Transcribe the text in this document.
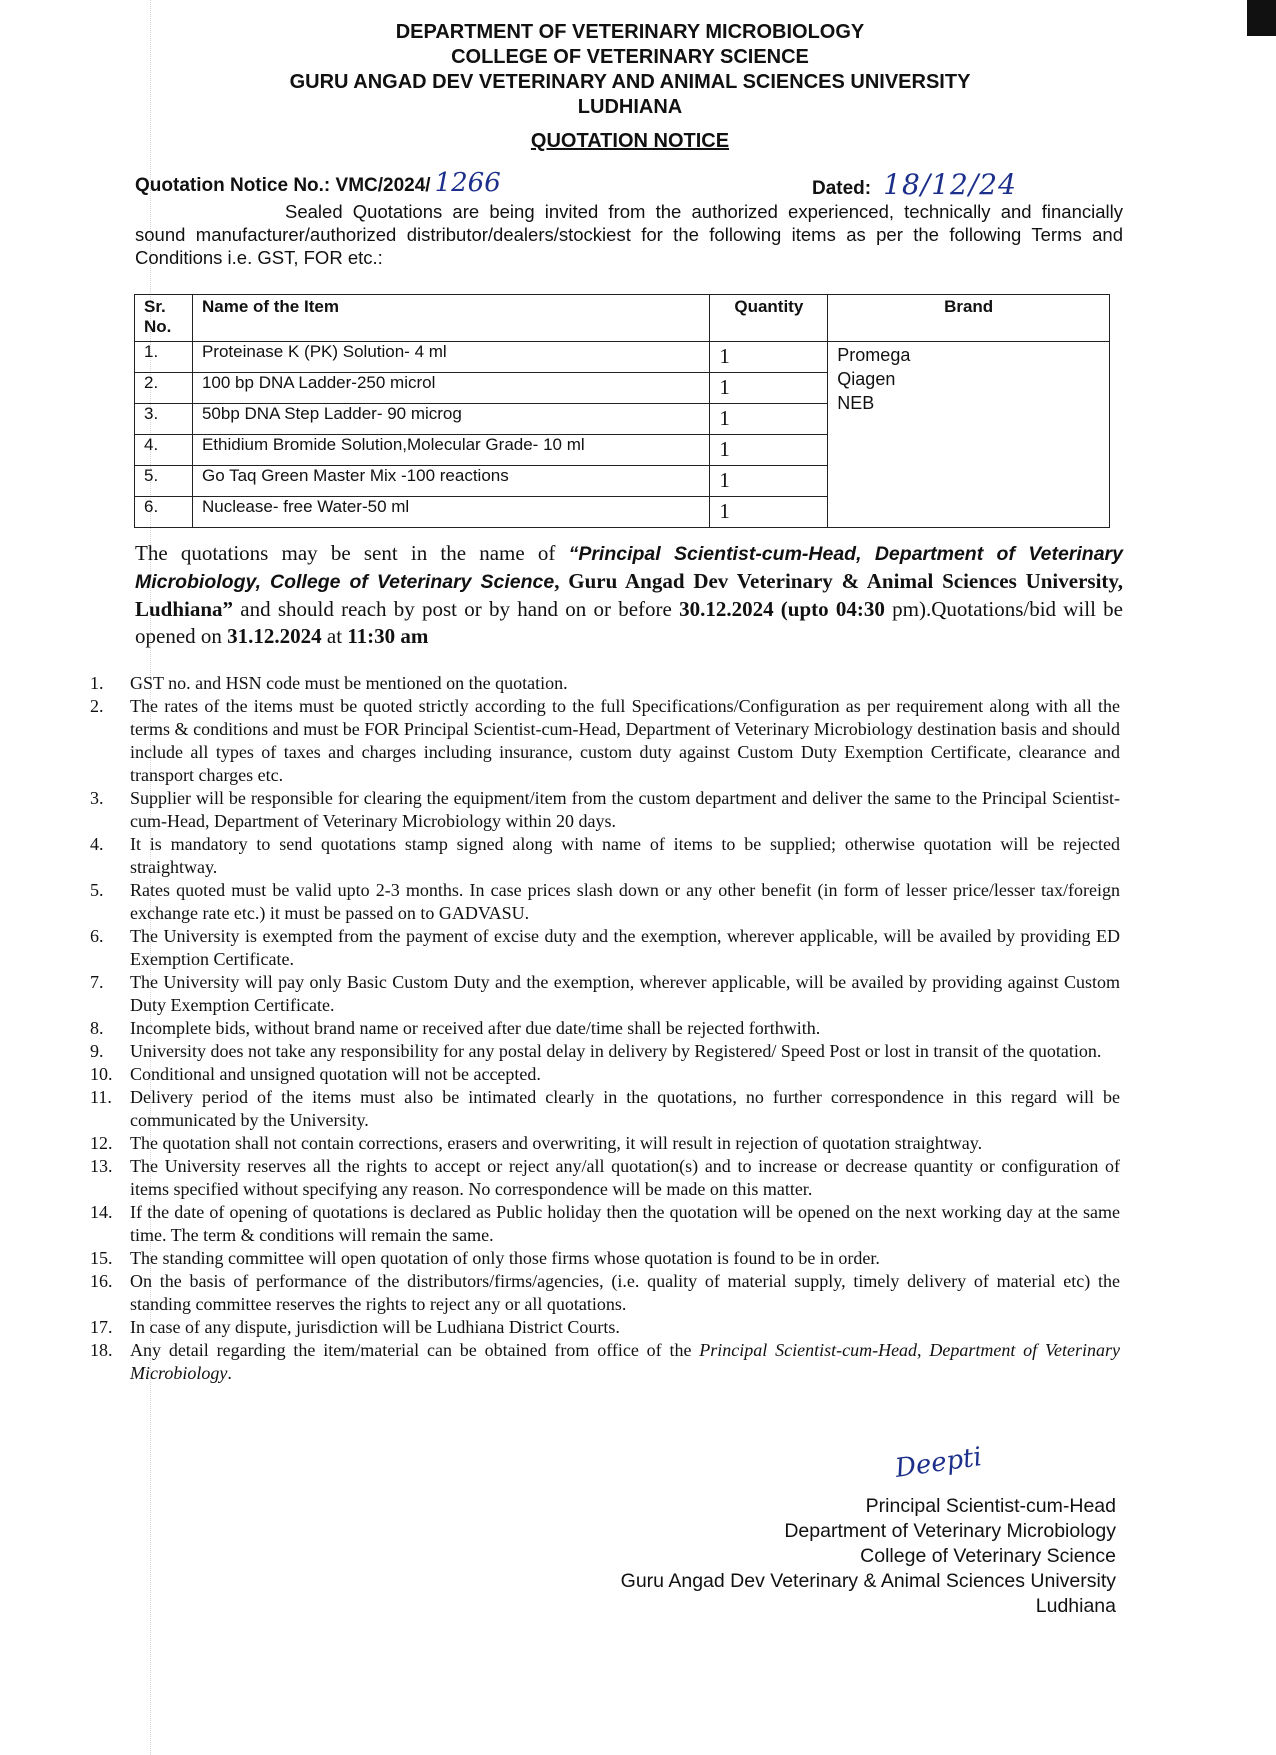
DEPARTMENT OF VETERINARY MICROBIOLOGY
COLLEGE OF VETERINARY SCIENCE
GURU ANGAD DEV VETERINARY AND ANIMAL SCIENCES UNIVERSITY
LUDHIANA
QUOTATION NOTICE
Quotation Notice No.: VMC/2024/ 1266	Dated: 18/12/24
Sealed Quotations are being invited from the authorized experienced, technically and financially sound manufacturer/authorized distributor/dealers/stockiest for the following items as per the following Terms and Conditions i.e. GST, FOR etc.:
Sr. No.	Name of the Item	Quantity	Brand
1.	Proteinase K (PK) Solution- 4 ml	1	Promega
Qiagen
NEB

2.	100 bp DNA Ladder-250 microl	1	
3.	50bp DNA Step Ladder- 90 microg	1	
4.	Ethidium Bromide Solution,Molecular Grade- 10 ml	1	
5.	Go Taq Green Master Mix -100 reactions	1	
6.	Nuclease- free Water-50 ml	1	
The quotations may be sent in the name of “Principal Scientist-cum-Head, Department of Veterinary Microbiology, College of Veterinary Science, Guru Angad Dev Veterinary & Animal Sciences University, Ludhiana” and should reach by post or by hand on or before 30.12.2024 (upto 04:30 pm).Quotations/bid will be opened on 31.12.2024 at 11:30 am
1. GST no. and HSN code must be mentioned on the quotation.
2. The rates of the items must be quoted strictly according to the full Specifications/Configuration as per requirement along with all the terms & conditions and must be FOR Principal Scientist-cum-Head, Department of Veterinary Microbiology destination basis and should include all types of taxes and charges including insurance, custom duty against Custom Duty Exemption Certificate, clearance and transport charges etc.
3. Supplier will be responsible for clearing the equipment/item from the custom department and deliver the same to the Principal Scientist-cum-Head, Department of Veterinary Microbiology within 20 days.
4. It is mandatory to send quotations stamp signed along with name of items to be supplied; otherwise quotation will be rejected straightway.
5. Rates quoted must be valid upto 2-3 months. In case prices slash down or any other benefit (in form of lesser price/lesser tax/foreign exchange rate etc.) it must be passed on to GADVASU.
6. The University is exempted from the payment of excise duty and the exemption, wherever applicable, will be availed by providing ED Exemption Certificate.
7. The University will pay only Basic Custom Duty and the exemption, wherever applicable, will be availed by providing against Custom Duty Exemption Certificate.
8. Incomplete bids, without brand name or received after due date/time shall be rejected forthwith.
9. University does not take any responsibility for any postal delay in delivery by Registered/ Speed Post or lost in transit of the quotation.
10. Conditional and unsigned quotation will not be accepted.
11. Delivery period of the items must also be intimated clearly in the quotations, no further correspondence in this regard will be communicated by the University.
12. The quotation shall not contain corrections, erasers and overwriting, it will result in rejection of quotation straightway.
13. The University reserves all the rights to accept or reject any/all quotation(s) and to increase or decrease quantity or configuration of items specified without specifying any reason. No correspondence will be made on this matter.
14. If the date of opening of quotations is declared as Public holiday then the quotation will be opened on the next working day at the same time. The term & conditions will remain the same.
15. The standing committee will open quotation of only those firms whose quotation is found to be in order.
16. On the basis of performance of the distributors/firms/agencies, (i.e. quality of material supply, timely delivery of material etc) the standing committee reserves the rights to reject any or all quotations.
17. In case of any dispute, jurisdiction will be Ludhiana District Courts.
18. Any detail regarding the item/material can be obtained from office of the Principal Scientist-cum-Head, Department of Veterinary Microbiology.
Deepti
Principal Scientist-cum-Head
Department of Veterinary Microbiology
College of Veterinary Science
Guru Angad Dev Veterinary & Animal Sciences University
Ludhiana
